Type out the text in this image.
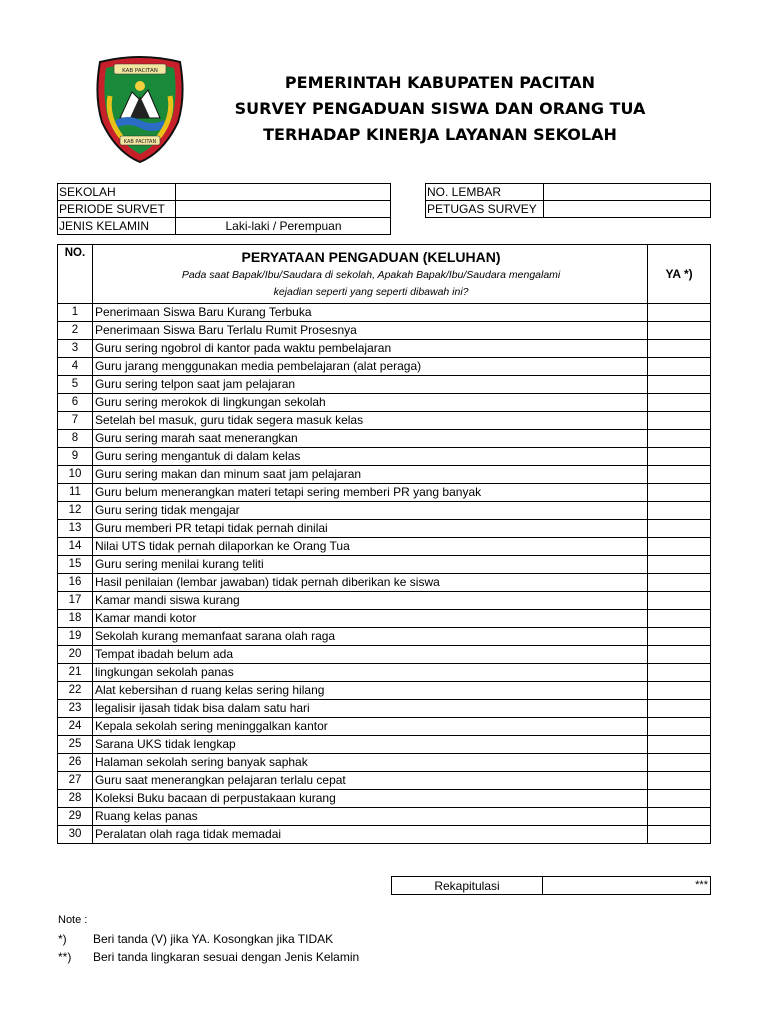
KAB PACITAN
KAB PACITAN
PEMERINTAH KABUPATEN PACITAN
SURVEY PENGADUAN SISWA DAN ORANG TUA
TERHADAP KINERJA LAYANAN SEKOLAH
SEKOLAH	
PERIODE SURVET	
JENIS KELAMIN	Laki-laki / Perempuan
NO. LEMBAR	
PETUGAS SURVEY	
NO.	PERYATAAN PENGADUAN (KELUHAN)
Pada saat Bapak/Ibu/Saudara di sekolah, Apakah Bapak/Ibu/Saudara mengalami
kejadian seperti yang seperti dibawah ini?	YA *)
1	Penerimaan Siswa Baru Kurang Terbuka	
2	Penerimaan Siswa Baru Terlalu Rumit Prosesnya	
3	Guru sering ngobrol di kantor pada waktu pembelajaran	
4	Guru jarang menggunakan media pembelajaran (alat peraga)	
5	Guru sering telpon saat jam pelajaran	
6	Guru sering merokok di lingkungan sekolah	
7	Setelah bel masuk, guru tidak segera masuk kelas	
8	Guru sering marah saat menerangkan	
9	Guru sering mengantuk di dalam kelas	
10	Guru sering makan dan minum saat jam pelajaran	
11	Guru belum menerangkan materi tetapi sering memberi PR yang banyak	
12	Guru sering tidak mengajar	
13	Guru memberi PR tetapi tidak pernah dinilai	
14	Nilai UTS tidak pernah dilaporkan ke Orang Tua	
15	Guru sering menilai kurang teliti	
16	Hasil penilaian (lembar jawaban) tidak pernah diberikan ke siswa	
17	Kamar mandi siswa kurang	
18	Kamar mandi kotor	
19	Sekolah kurang memanfaat sarana olah raga	
20	Tempat ibadah belum ada	
21	lingkungan sekolah panas	
22	Alat kebersihan d ruang kelas sering hilang	
23	legalisir ijasah tidak bisa dalam satu hari	
24	Kepala sekolah sering meninggalkan kantor	
25	Sarana UKS tidak lengkap	
26	Halaman sekolah sering banyak saphak	
27	Guru saat menerangkan pelajaran terlalu cepat	
28	Koleksi Buku bacaan di perpustakaan kurang	
29	Ruang kelas panas	
30	Peralatan olah raga tidak memadai	
Rekapitulasi	***
Note :
*)	Beri tanda (V) jika YA. Kosongkan jika TIDAK
**)	Beri tanda lingkaran sesuai dengan Jenis Kelamin
